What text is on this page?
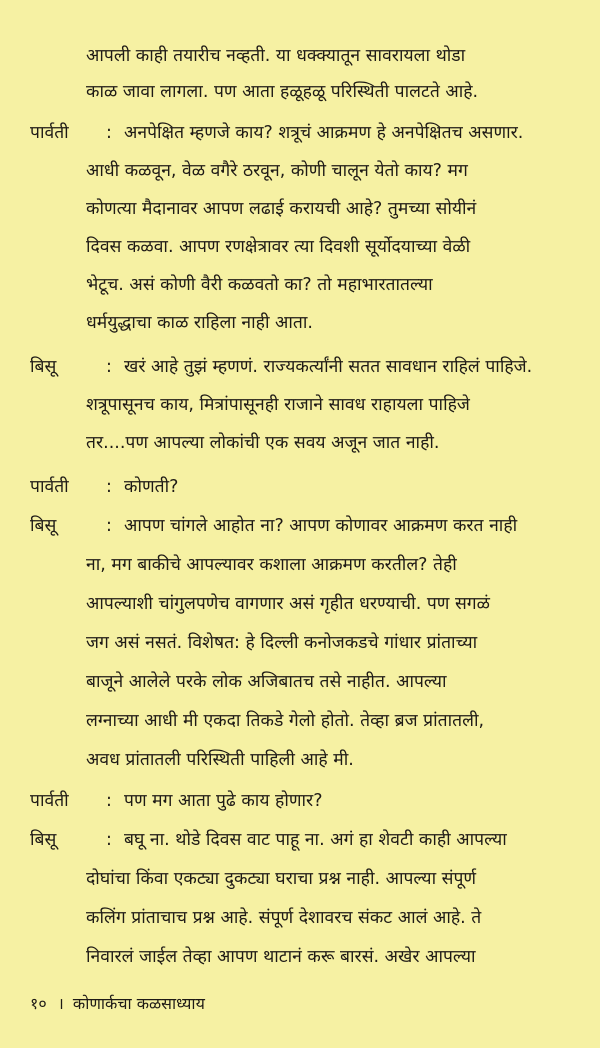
आपली काही तयारीच नव्हती. या धक्क्यातून सावरायला थोडा
काळ जावा लागला. पण आता हळूहळू परिस्थिती पालटते आहे.
पार्वती : अनपेक्षित म्हणजे काय? शत्रूचं आक्रमण हे अनपेक्षितच असणार.
आधी कळवून, वेळ वगैरे ठरवून, कोणी चालून येतो काय? मग
कोणत्या मैदानावर आपण लढाई करायची आहे? तुमच्या सोयीनं
दिवस कळवा. आपण रणक्षेत्रावर त्या दिवशी सूर्योदयाच्या वेळी
भेटूच. असं कोणी वैरी कळवतो का? तो महाभारतातल्या
धर्मयुद्धाचा काळ राहिला नाही आता.
बिसू	: खरं आहे तुझं म्हणणं. राज्यकर्त्यांनी सतत सावधान राहिलं पाहिजे.
शत्रूपासूनच काय, मित्रांपासूनही राजाने सावध राहायला पाहिजे
तर....पण आपल्या लोकांची एक सवय अजून जात नाही.
पार्वती : कोणती?
बिसू	: आपण चांगले आहोत ना? आपण कोणावर आक्रमण करत नाही
ना, मग बाकीचे आपल्यावर कशाला आक्रमण करतील? तेही
आपल्याशी चांगुलपणेच वागणार असं गृहीत धरण्याची. पण सगळं
जग असं नसतं. विशेषत: हे दिल्ली कनोजकडचे गांधार प्रांताच्या
बाजूने आलेले परके लोक अजिबातच तसे नाहीत. आपल्या
लग्नाच्या आधी मी एकदा तिकडे गेलो होतो. तेव्हा ब्रज प्रांतातली,
अवध प्रांतातली परिस्थिती पाहिली आहे मी.
पार्वती : पण मग आता पुढे काय होणार?
बिसू	: बघू ना. थोडे दिवस वाट पाहू ना. अगं हा शेवटी काही आपल्या
दोघांचा किंवा एकट्या दुकट्या घराचा प्रश्न नाही. आपल्या संपूर्ण
कलिंग प्रांताचाच प्रश्न आहे. संपूर्ण देशावरच संकट आलं आहे. ते
निवारलं जाईल तेव्हा आपण थाटानं करू बारसं. अखेर आपल्या
१० । कोणार्कचा कळसाध्याय
